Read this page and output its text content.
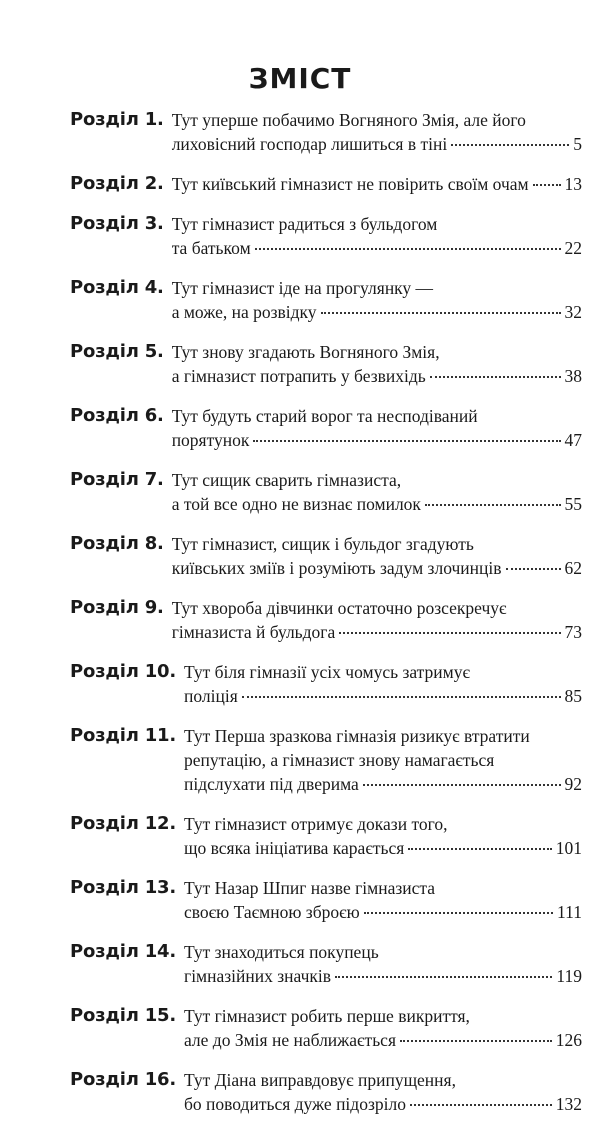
ЗМІСТ
Розділ 1. Тут уперше побачимо Вогняного Змія, але його
лиховісний господар лишиться в тіні	5
Розділ 2. Тут київський гімназист не повірить своїм очам 13
Розділ 3. Тут гімназист радиться з бульдогом
та батьком	22
Розділ 4. Тут гімназист іде на прогулянку —
а може, на розвідку	32
Розділ 5. Тут знову згадають Вогняного Змія,
а гімназист потрапить у безвихідь	38
Розділ 6. Тут будуть старий ворог та несподіваний
порятунок	47
Розділ 7. Тут сищик сварить гімназиста,
а той все одно не визнає помилок	55
Розділ 8. Тут гімназист, сищик і бульдог згадують
київських зміїв і розуміють задум злочинців	62
Розділ 9. Тут хвороба дівчинки остаточно розсекречує
гімназиста й бульдога	73
Розділ 10. Тут біля гімназії усіх чомусь затримує
поліція	85
Розділ 11. Тут Перша зразкова гімназія ризикує втратити
репутацію, а гімназист знову намагається
підслухати під дверима	92
Розділ 12. Тут гімназист отримує докази того,
що всяка ініціатива карається	101
Розділ 13. Тут Назар Шпиг назве гімназиста
своєю Таємною зброєю	111
Розділ 14. Тут знаходиться покупець
гімназійних значків	119
Розділ 15. Тут гімназист робить перше викриття,
але до Змія не наближається	126
Розділ 16. Тут Діана виправдовує припущення,
бо поводиться дуже підозріло	132
